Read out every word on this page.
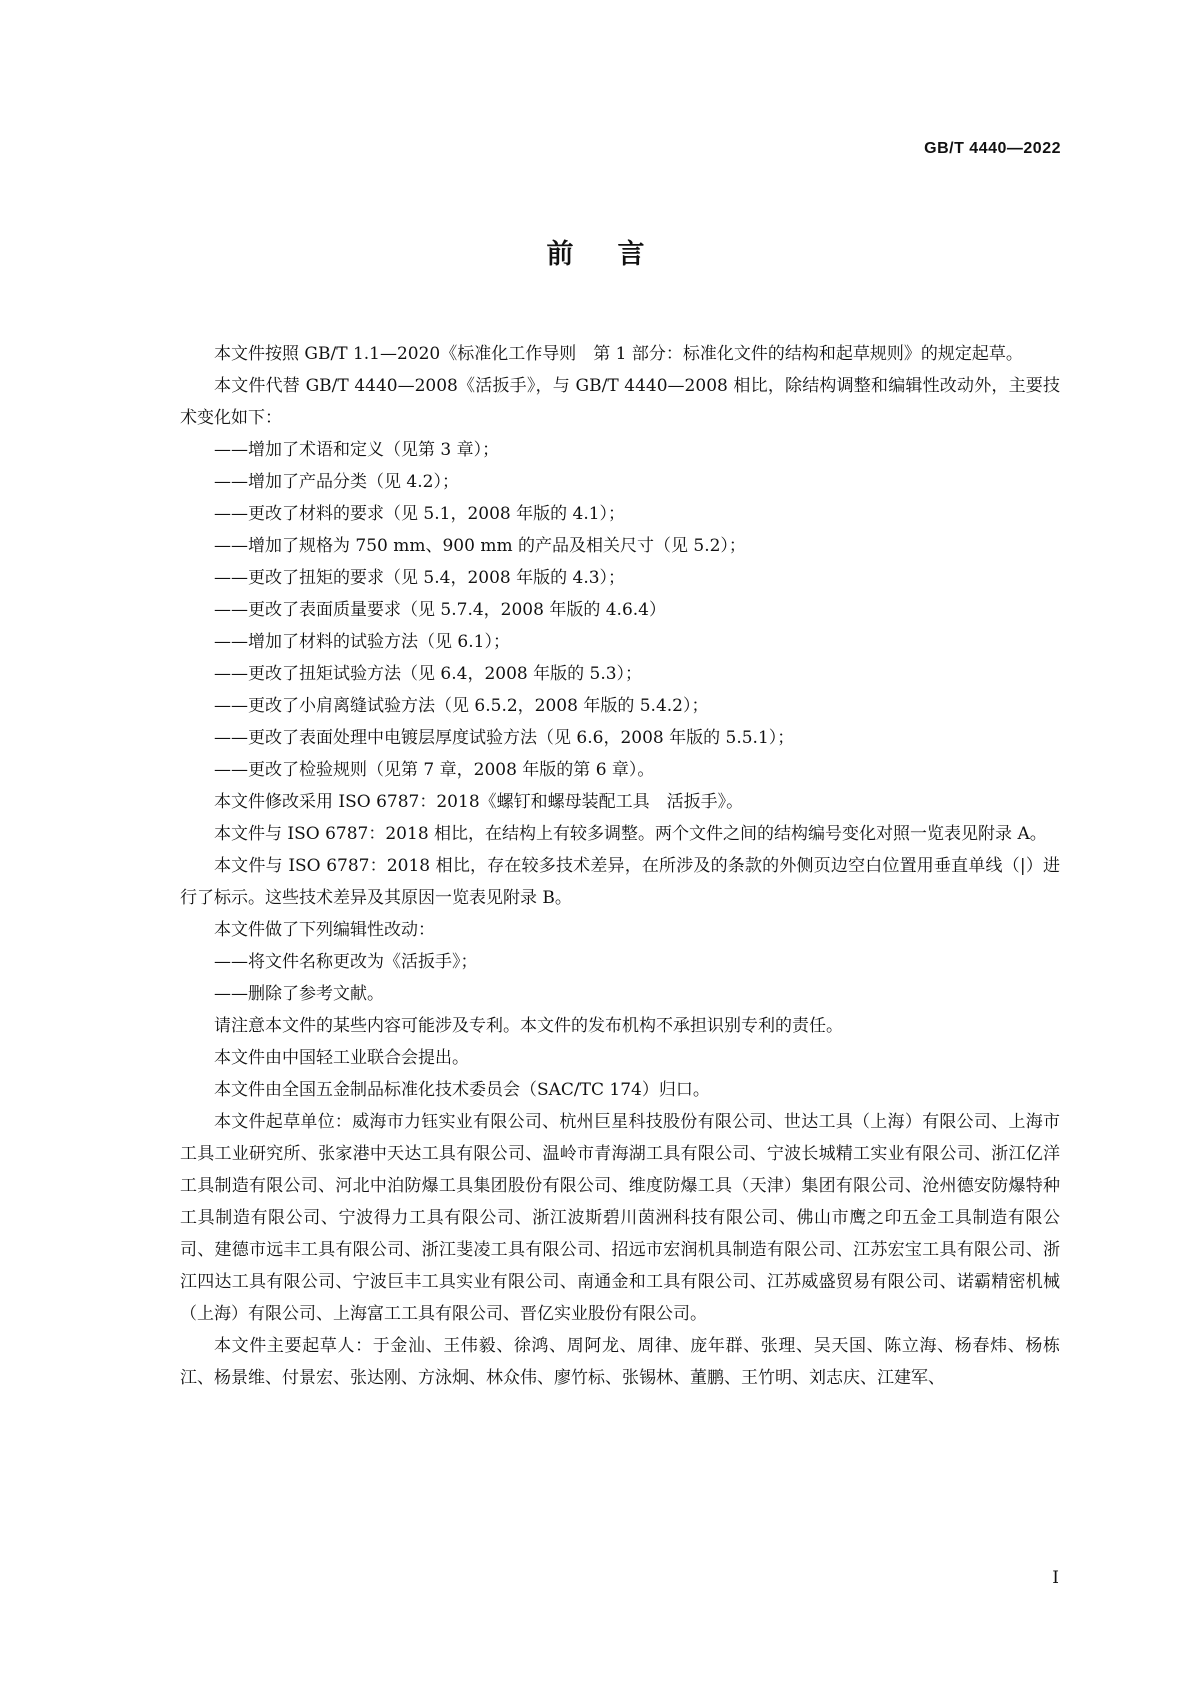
GB/T 4440—2022
前言

本文件按照 GB/T 1.1—2020《标准化工作导则　第 1 部分：标准化文件的结构和起草规则》的规定起草。

本文件代替 GB/T 4440—2008《活扳手》，与 GB/T 4440—2008 相比，除结构调整和编辑性改动外，主要技术变化如下：

——增加了术语和定义（见第 3 章）；

——增加了产品分类（见 4.2）；

——更改了材料的要求（见 5.1，2008 年版的 4.1）；

——增加了规格为 750 mm、900 mm 的产品及相关尺寸（见 5.2）；

——更改了扭矩的要求（见 5.4，2008 年版的 4.3）；

——更改了表面质量要求（见 5.7.4，2008 年版的 4.6.4）

——增加了材料的试验方法（见 6.1）；

——更改了扭矩试验方法（见 6.4，2008 年版的 5.3）；

——更改了小肩离缝试验方法（见 6.5.2，2008 年版的 5.4.2）；

——更改了表面处理中电镀层厚度试验方法（见 6.6，2008 年版的 5.5.1）；

——更改了检验规则（见第 7 章，2008 年版的第 6 章）。

本文件修改采用 ISO 6787：2018《螺钉和螺母装配工具　活扳手》。

本文件与 ISO 6787：2018 相比，在结构上有较多调整。两个文件之间的结构编号变化对照一览表见附录 A。

本文件与 ISO 6787：2018 相比，存在较多技术差异，在所涉及的条款的外侧页边空白位置用垂直单线（|）进行了标示。这些技术差异及其原因一览表见附录 B。

本文件做了下列编辑性改动：

——将文件名称更改为《活扳手》；

——删除了参考文献。

请注意本文件的某些内容可能涉及专利。本文件的发布机构不承担识别专利的责任。

本文件由中国轻工业联合会提出。

本文件由全国五金制品标准化技术委员会（SAC/TC 174）归口。

本文件起草单位：威海市力钰实业有限公司、杭州巨星科技股份有限公司、世达工具（上海）有限公司、上海市工具工业研究所、张家港中天达工具有限公司、温岭市青海湖工具有限公司、宁波长城精工实业有限公司、浙江亿洋工具制造有限公司、河北中泊防爆工具集团股份有限公司、维度防爆工具（天津）集团有限公司、沧州德安防爆特种工具制造有限公司、宁波得力工具有限公司、浙江波斯碧川茵洲科技有限公司、佛山市鹰之印五金工具制造有限公司、建德市远丰工具有限公司、浙江斐凌工具有限公司、招远市宏润机具制造有限公司、江苏宏宝工具有限公司、浙江四达工具有限公司、宁波巨丰工具实业有限公司、南通金和工具有限公司、江苏威盛贸易有限公司、诺霸精密机械（上海）有限公司、上海富工工具有限公司、晋亿实业股份有限公司。

本文件主要起草人：于金汕、王伟毅、徐鸿、周阿龙、周律、庞年群、张理、吴天国、陈立海、杨春炜、杨栋江、杨景维、付景宏、张达刚、方泳炯、林众伟、廖竹标、张锡林、董鹏、王竹明、刘志庆、江建军、

I
